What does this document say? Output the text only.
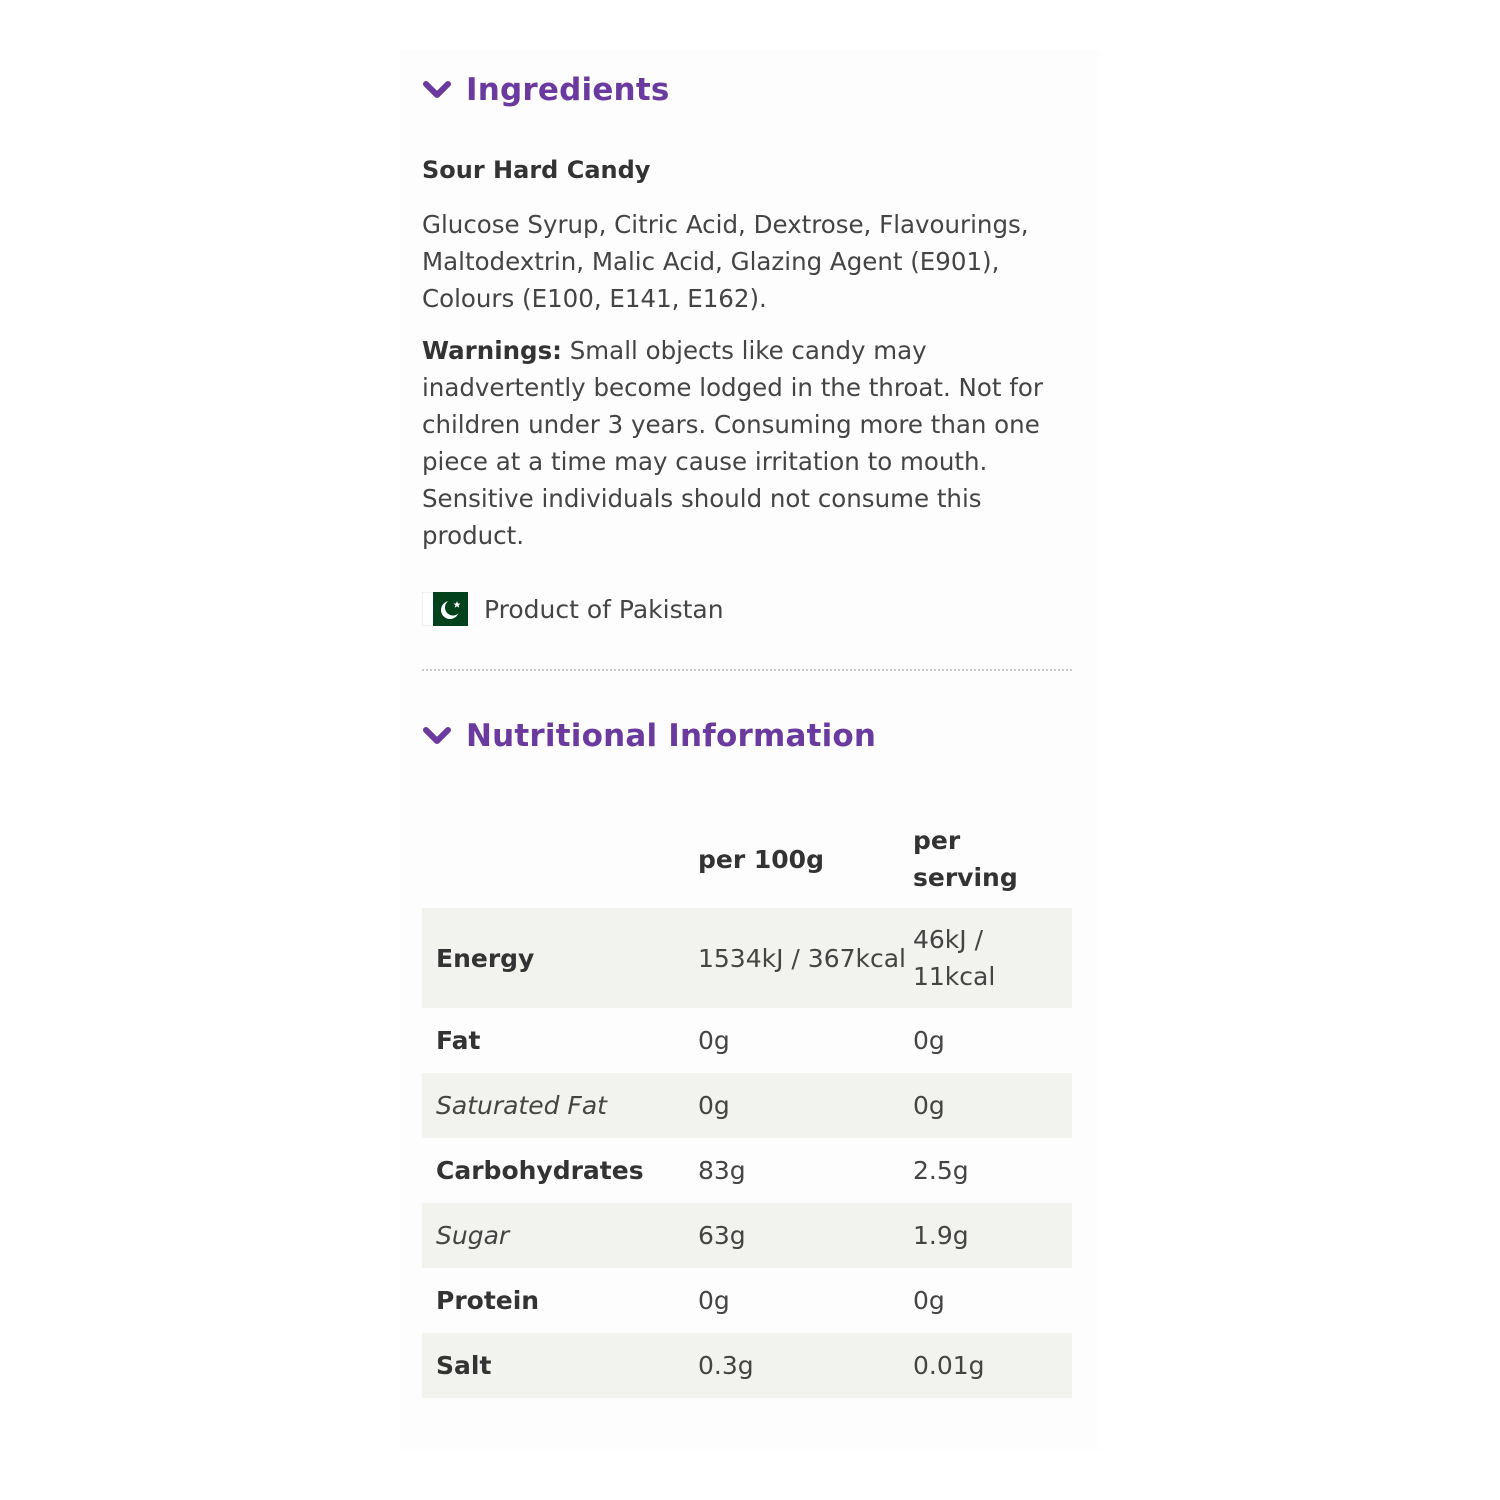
Ingredients
Sour Hard Candy
Glucose Syrup, Citric Acid, Dextrose, Flavourings, Maltodextrin, Malic Acid, Glazing Agent (E901), Colours (E100, E141, E162).
Warnings: Small objects like candy may inadvertently become lodged in the throat. Not for children under 3 years. Consuming more than one piece at a time may cause irritation to mouth. Sensitive individuals should not consume this product.
Product of Pakistan
Nutritional Information
	per 100g	per serving
Energy	1534kJ / 367kcal	46kJ / 11kcal
Fat	0g	0g
Saturated Fat	0g	0g
Carbohydrates	83g	2.5g
Sugar	63g	1.9g
Protein	0g	0g
Salt	0.3g	0.01g
